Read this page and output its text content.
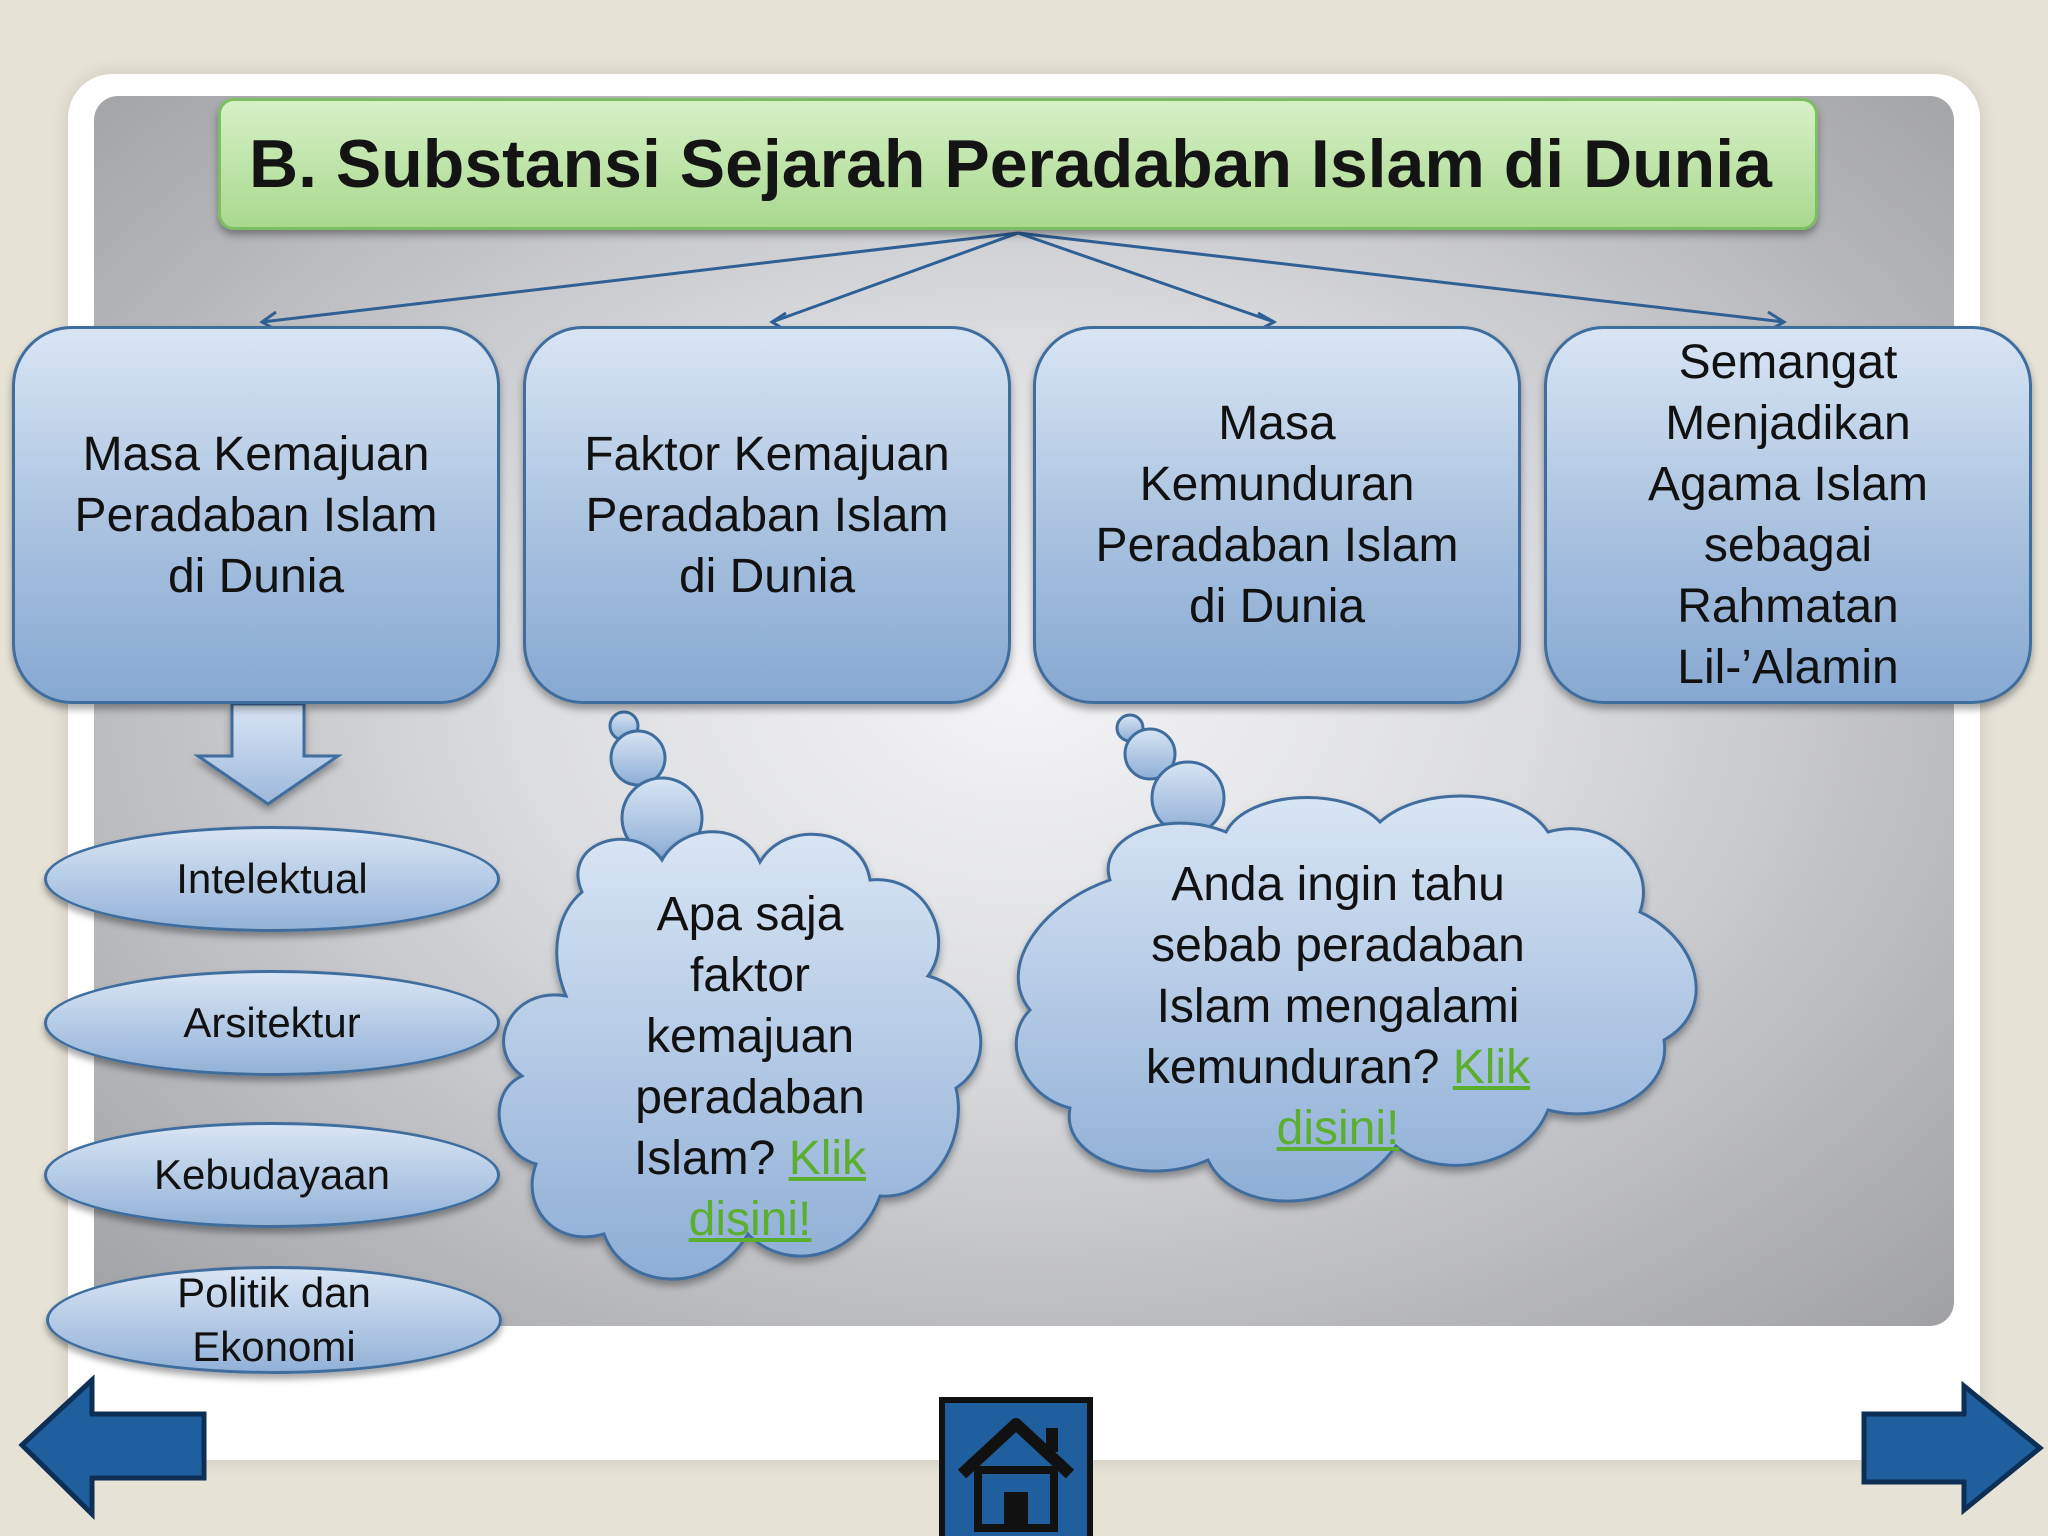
B. Substansi Sejarah Peradaban Islam di Dunia
Masa Kemajuan
Peradaban Islam
di Dunia
Faktor Kemajuan
Peradaban Islam
di Dunia
Masa
Kemunduran
Peradaban Islam
di Dunia
Semangat
Menjadikan
Agama Islam
sebagai
Rahmatan
Lil-’Alamin
Intelektual
Arsitektur
Kebudayaan
Politik dan
Ekonomi
Apa saja faktor kemajuan peradaban Islam? Klik disini!
Anda ingin tahu sebab peradaban Islam mengalami kemunduran? Klik disini!
